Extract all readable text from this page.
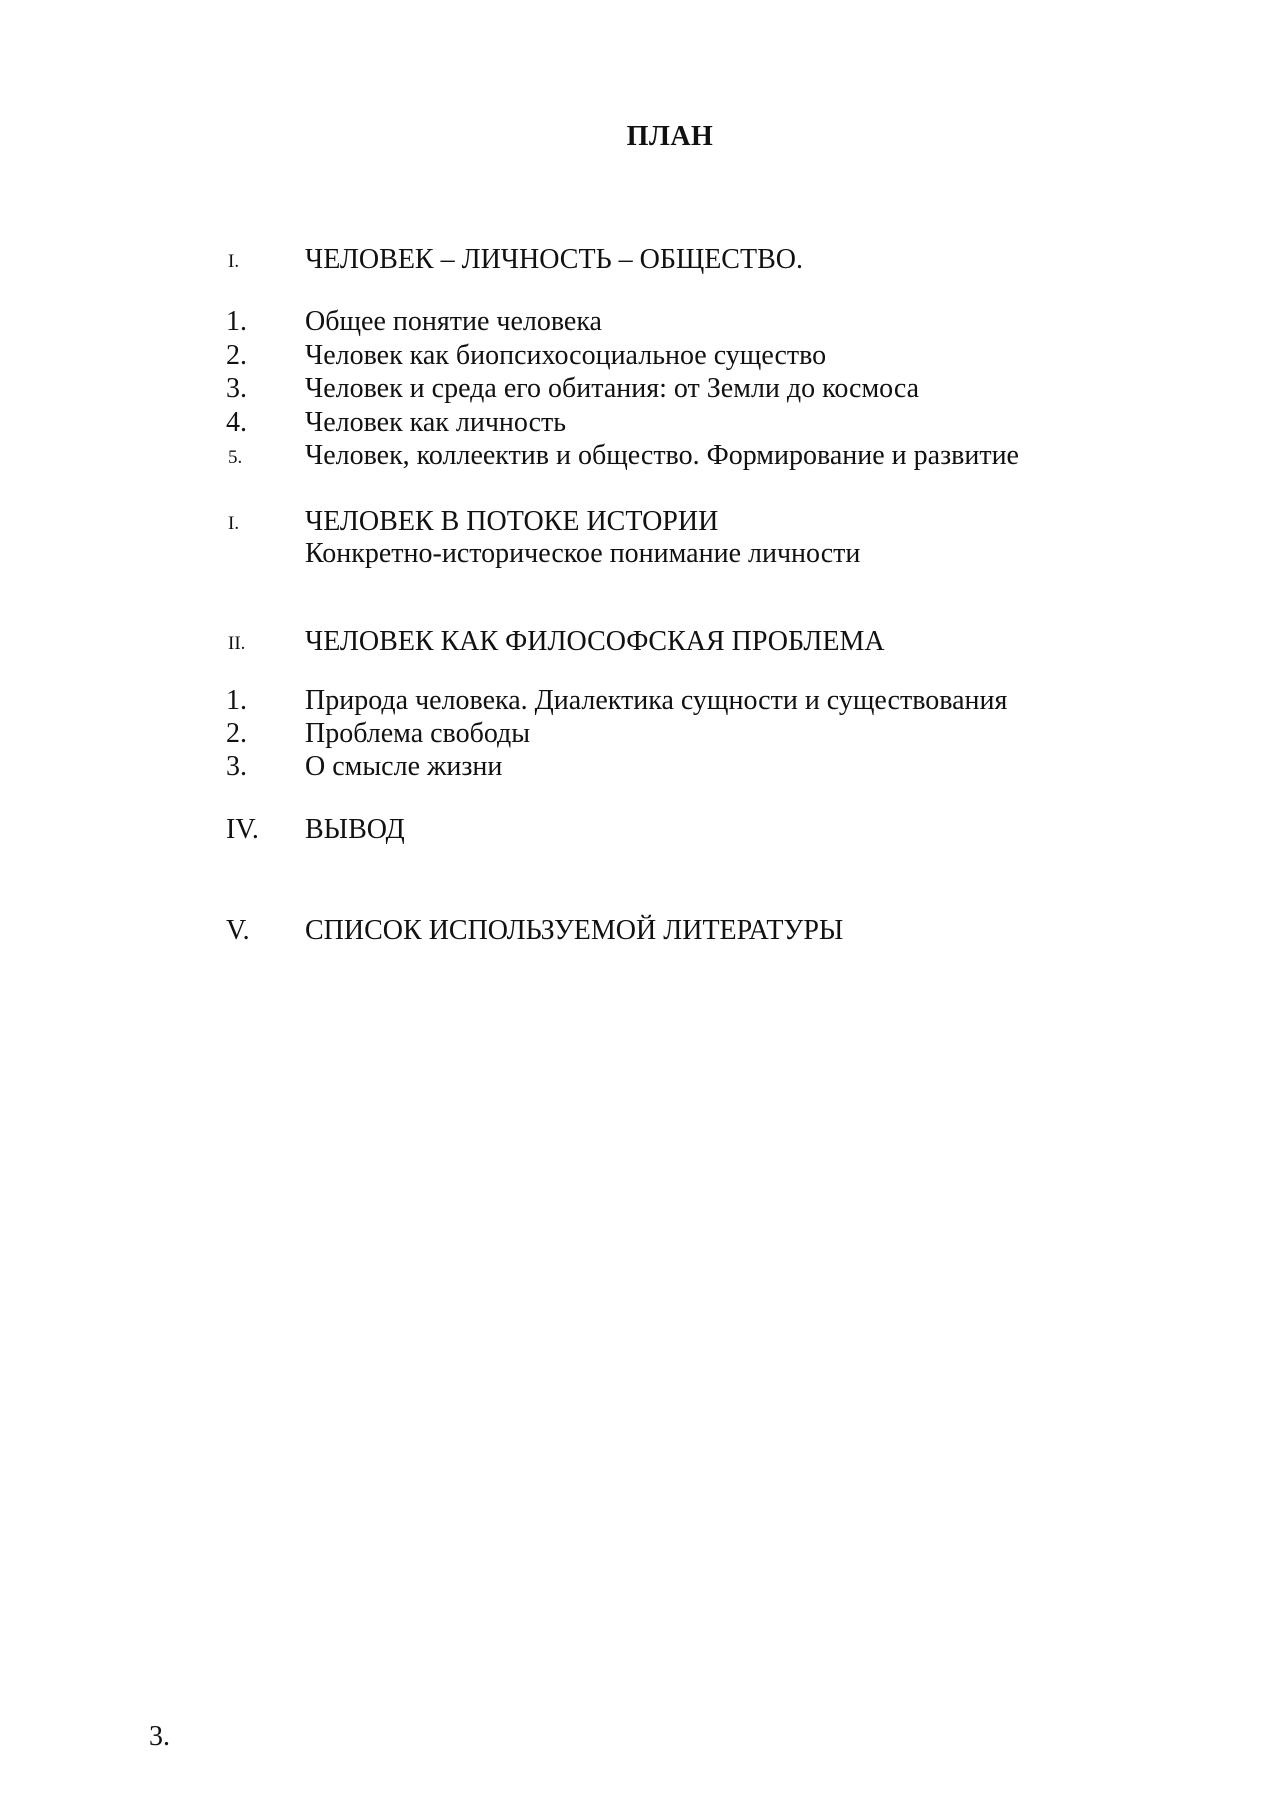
ПЛАН
I. ЧЕЛОВЕК – ЛИЧНОСТЬ – ОБЩЕСТВО.
1. Общее понятие человека
2. Человек как биопсихосоциальное существо
3. Человек и среда его обитания: от Земли до космоса
4. Человек как личность
5. Человек, коллеектив и общество. Формирование и развитие
I. ЧЕЛОВЕК В ПОТОКЕ ИСТОРИИ
Конкретно-историческое понимание личности
II. ЧЕЛОВЕК КАК ФИЛОСОФСКАЯ ПРОБЛЕМА
1. Природа человека. Диалектика сущности и существования
2. Проблема свободы
3. О смысле жизни
IV. ВЫВОД
V. СПИСОК ИСПОЛЬЗУЕМОЙ ЛИТЕРАТУРЫ
3.
